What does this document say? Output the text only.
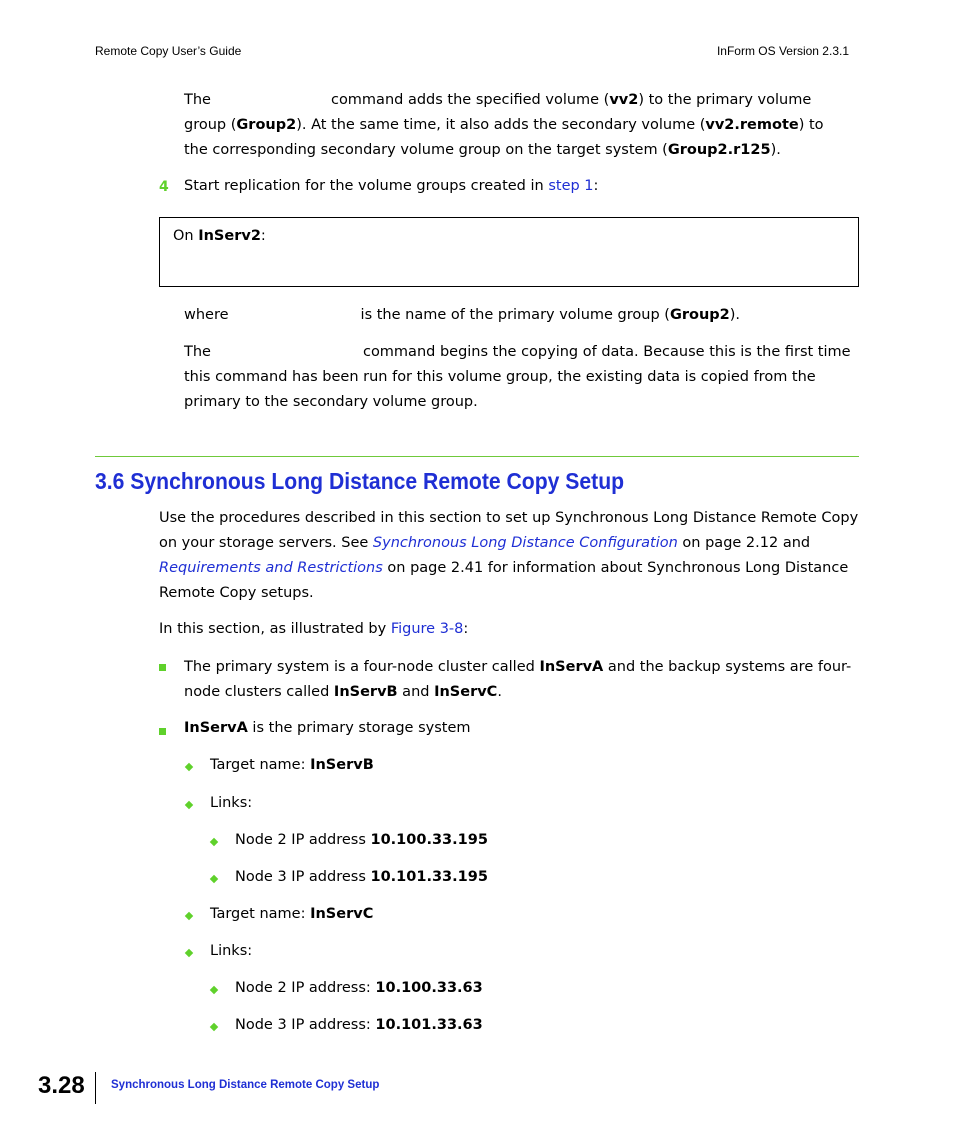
Remote Copy User’s Guide	InForm OS Version 2.3.1
The	command adds the specified volume (vv2) to the primary volume
group (Group2). At the same time, it also adds the secondary volume (vv2.remote) to
the corresponding secondary volume group on the target system (Group2.r125).
4 Start replication for the volume groups created in step 1:
On InServ2:
where	is the name of the primary volume group (Group2).
The	command begins the copying of data. Because this is the first time
this command has been run for this volume group, the existing data is copied from the
primary to the secondary volume group.
3.6 Synchronous Long Distance Remote Copy Setup
Use the procedures described in this section to set up Synchronous Long Distance Remote Copy
on your storage servers. See Synchronous Long Distance Configuration on page 2.12 and
Requirements and Restrictions on page 2.41 for information about Synchronous Long Distance
Remote Copy setups.
In this section, as illustrated by Figure 3-8:
The primary system is a four-node cluster called InServA and the backup systems are four-
node clusters called InServB and InServC.
InServA is the primary storage system
Target name: InServB
Links:
Node 2 IP address 10.100.33.195
Node 3 IP address 10.101.33.195
Target name: InServC
Links:
Node 2 IP address: 10.100.33.63
Node 3 IP address: 10.101.33.63
3.28 Synchronous Long Distance Remote Copy Setup
